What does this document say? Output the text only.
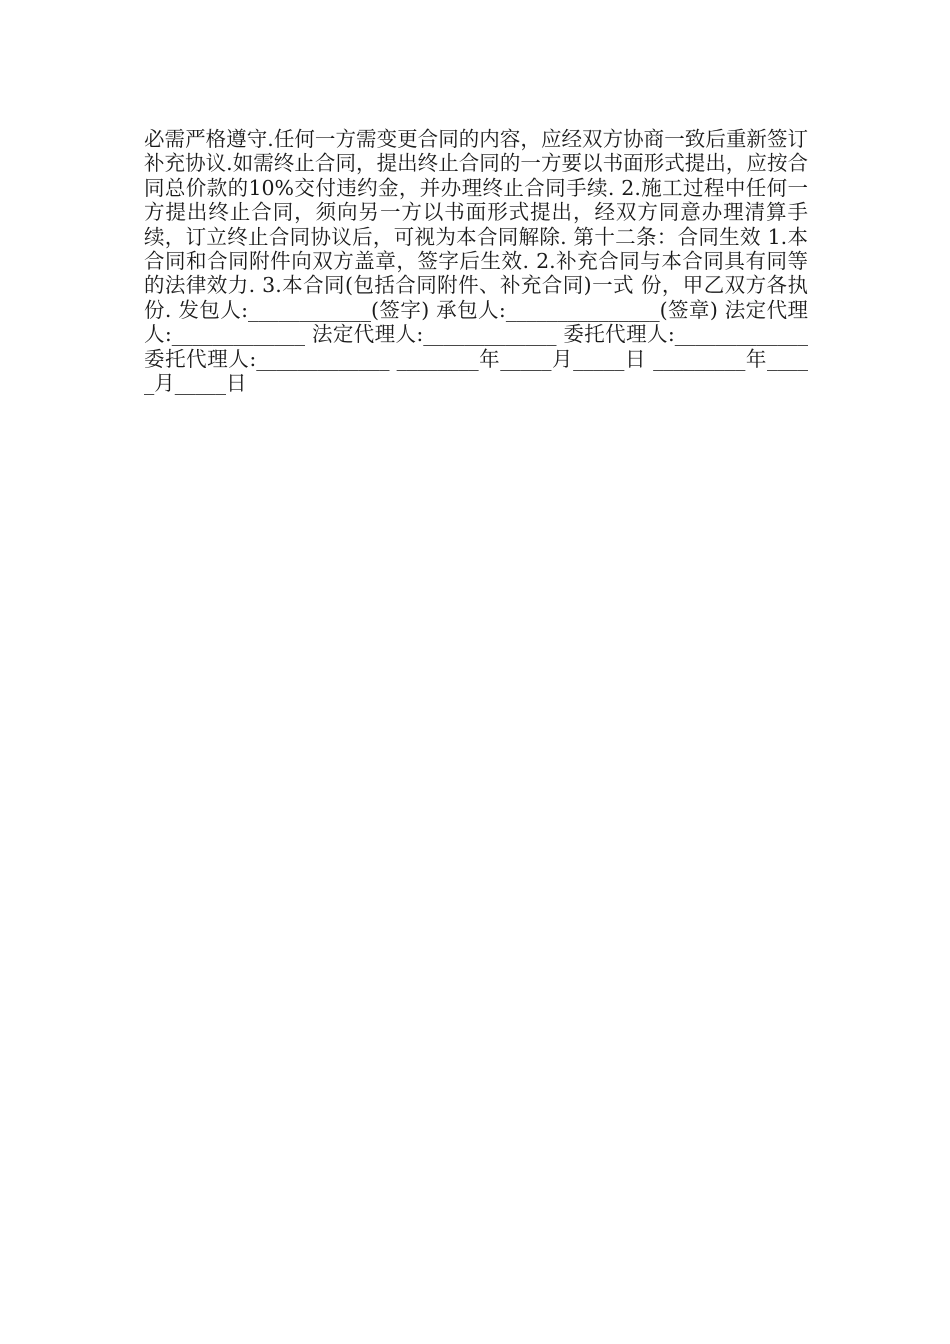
必需严格遵守.任何一方需变更合同的内容，应经双方协商一致后重新签订补充协议.如需终止合同，提出终止合同的一方要以书面形式提出，应按合同总价款的10%交付违约金，并办理终止合同手续. 2.施工过程中任何一方提出终止合同，须向另一方以书面形式提出，经双方同意办理清算手续，订立终止合同协议后，可视为本合同解除. 第十二条：合同生效 1.本合同和合同附件向双方盖章，签字后生效. 2.补充合同与本合同具有同等的法律效力. 3.本合同(包括合同附件、补充合同)一式 份，甲乙双方各执 份. 发包人:____________(签字) 承包人:_______________(签章) 法定代理人:_____________ 法定代理人:_____________ 委托代理人:_____________ 委托代理人:_____________ ________年_____月_____日 _________年_____月_____日
